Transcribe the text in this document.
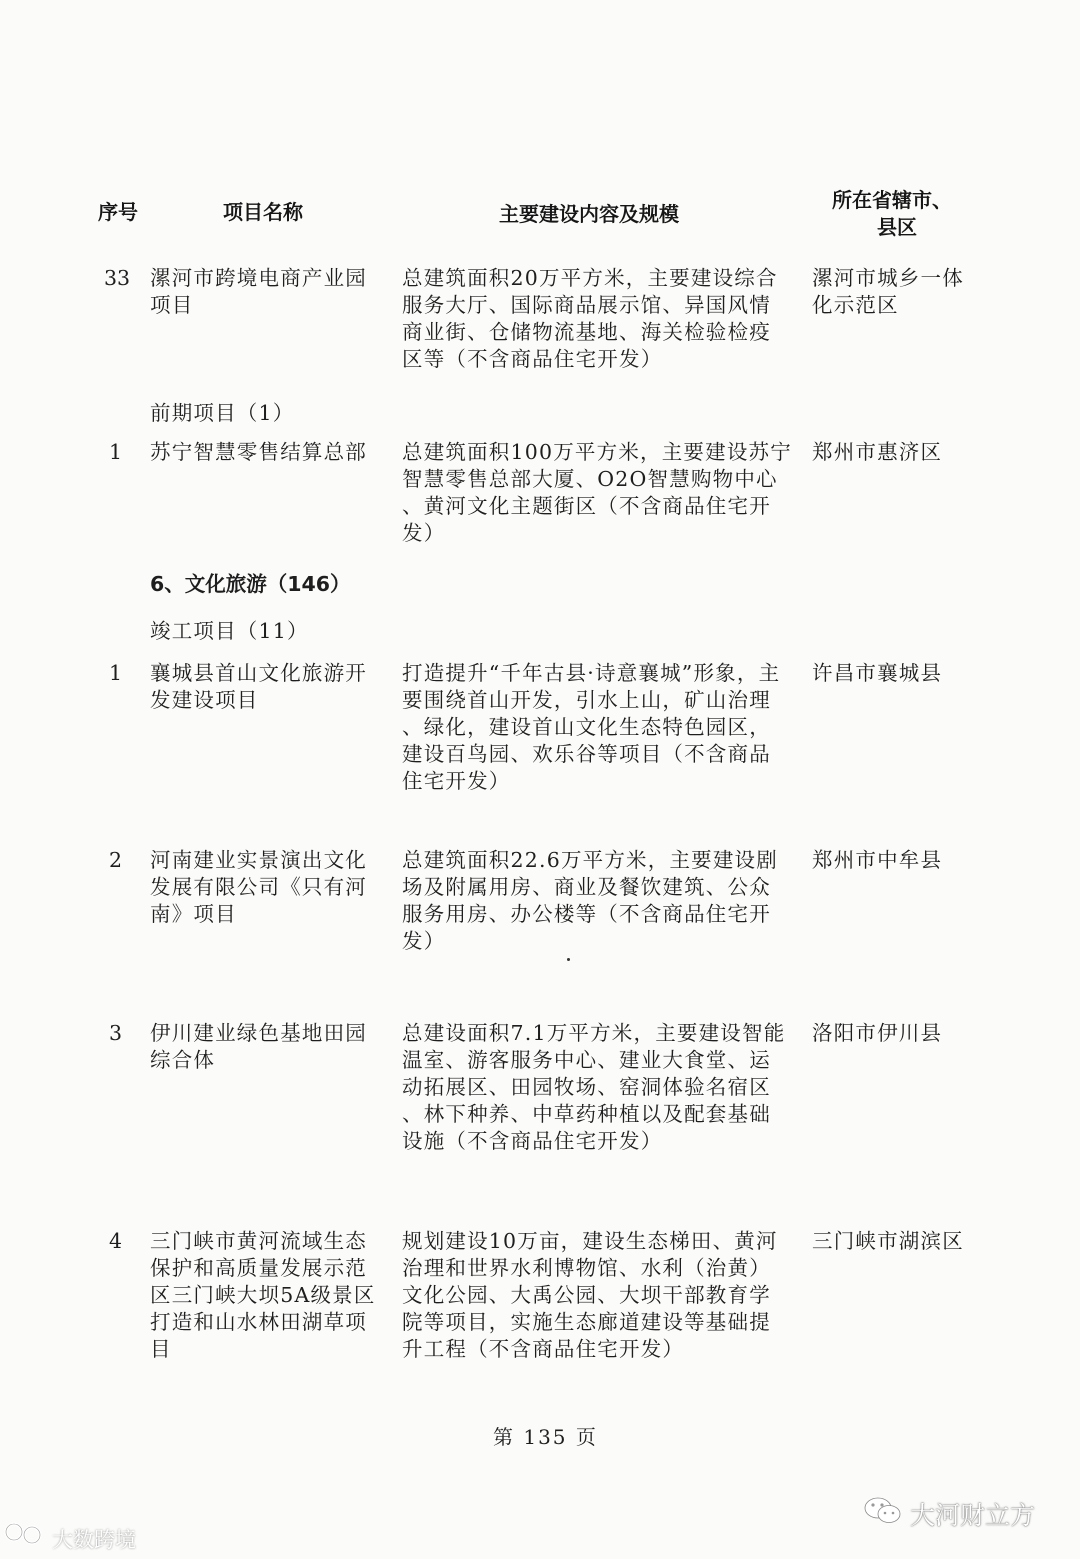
序号	项目名称	主要建设内容及规模
所在省辖市、
县区
33 漯河市跨境电商产业园
项目
总建筑面积20万平方米，主要建设综合
服务大厅、国际商品展示馆、异国风情
商业街、仓储物流基地、海关检验检疫
区等（不含商品住宅开发）
漯河市城乡一体
化示范区
前期项目（1）
1 苏宁智慧零售结算总部 总建筑面积100万平方米，主要建设苏宁
智慧零售总部大厦、O2O智慧购物中心
、黄河文化主题街区（不含商品住宅开
发）
郑州市惠济区
6、文化旅游（146）
竣工项目（11）
1 襄城县首山文化旅游开
发建设项目
打造提升“千年古县·诗意襄城”形象，主
要围绕首山开发，引水上山，矿山治理
、绿化，建设首山文化生态特色园区，
建设百鸟园、欢乐谷等项目（不含商品
住宅开发）
许昌市襄城县
2 河南建业实景演出文化
发展有限公司《只有河
南》项目
总建筑面积22.6万平方米，主要建设剧
场及附属用房、商业及餐饮建筑、公众
服务用房、办公楼等（不含商品住宅开
发）
郑州市中牟县
3 伊川建业绿色基地田园
综合体
总建设面积7.1万平方米，主要建设智能
温室、游客服务中心、建业大食堂、运
动拓展区、田园牧场、窑洞体验名宿区
、林下种养、中草药种植以及配套基础
设施（不含商品住宅开发）
洛阳市伊川县
4 三门峡市黄河流域生态
保护和高质量发展示范
区三门峡大坝5A级景区
打造和山水林田湖草项
目
规划建设10万亩，建设生态梯田、黄河
治理和世界水利博物馆、水利（治黄）
文化公园、大禹公园、大坝干部教育学
院等项目，实施生态廊道建设等基础提
升工程（不含商品住宅开发）
三门峡市湖滨区
第 135 页
大数跨境
大河财立方
